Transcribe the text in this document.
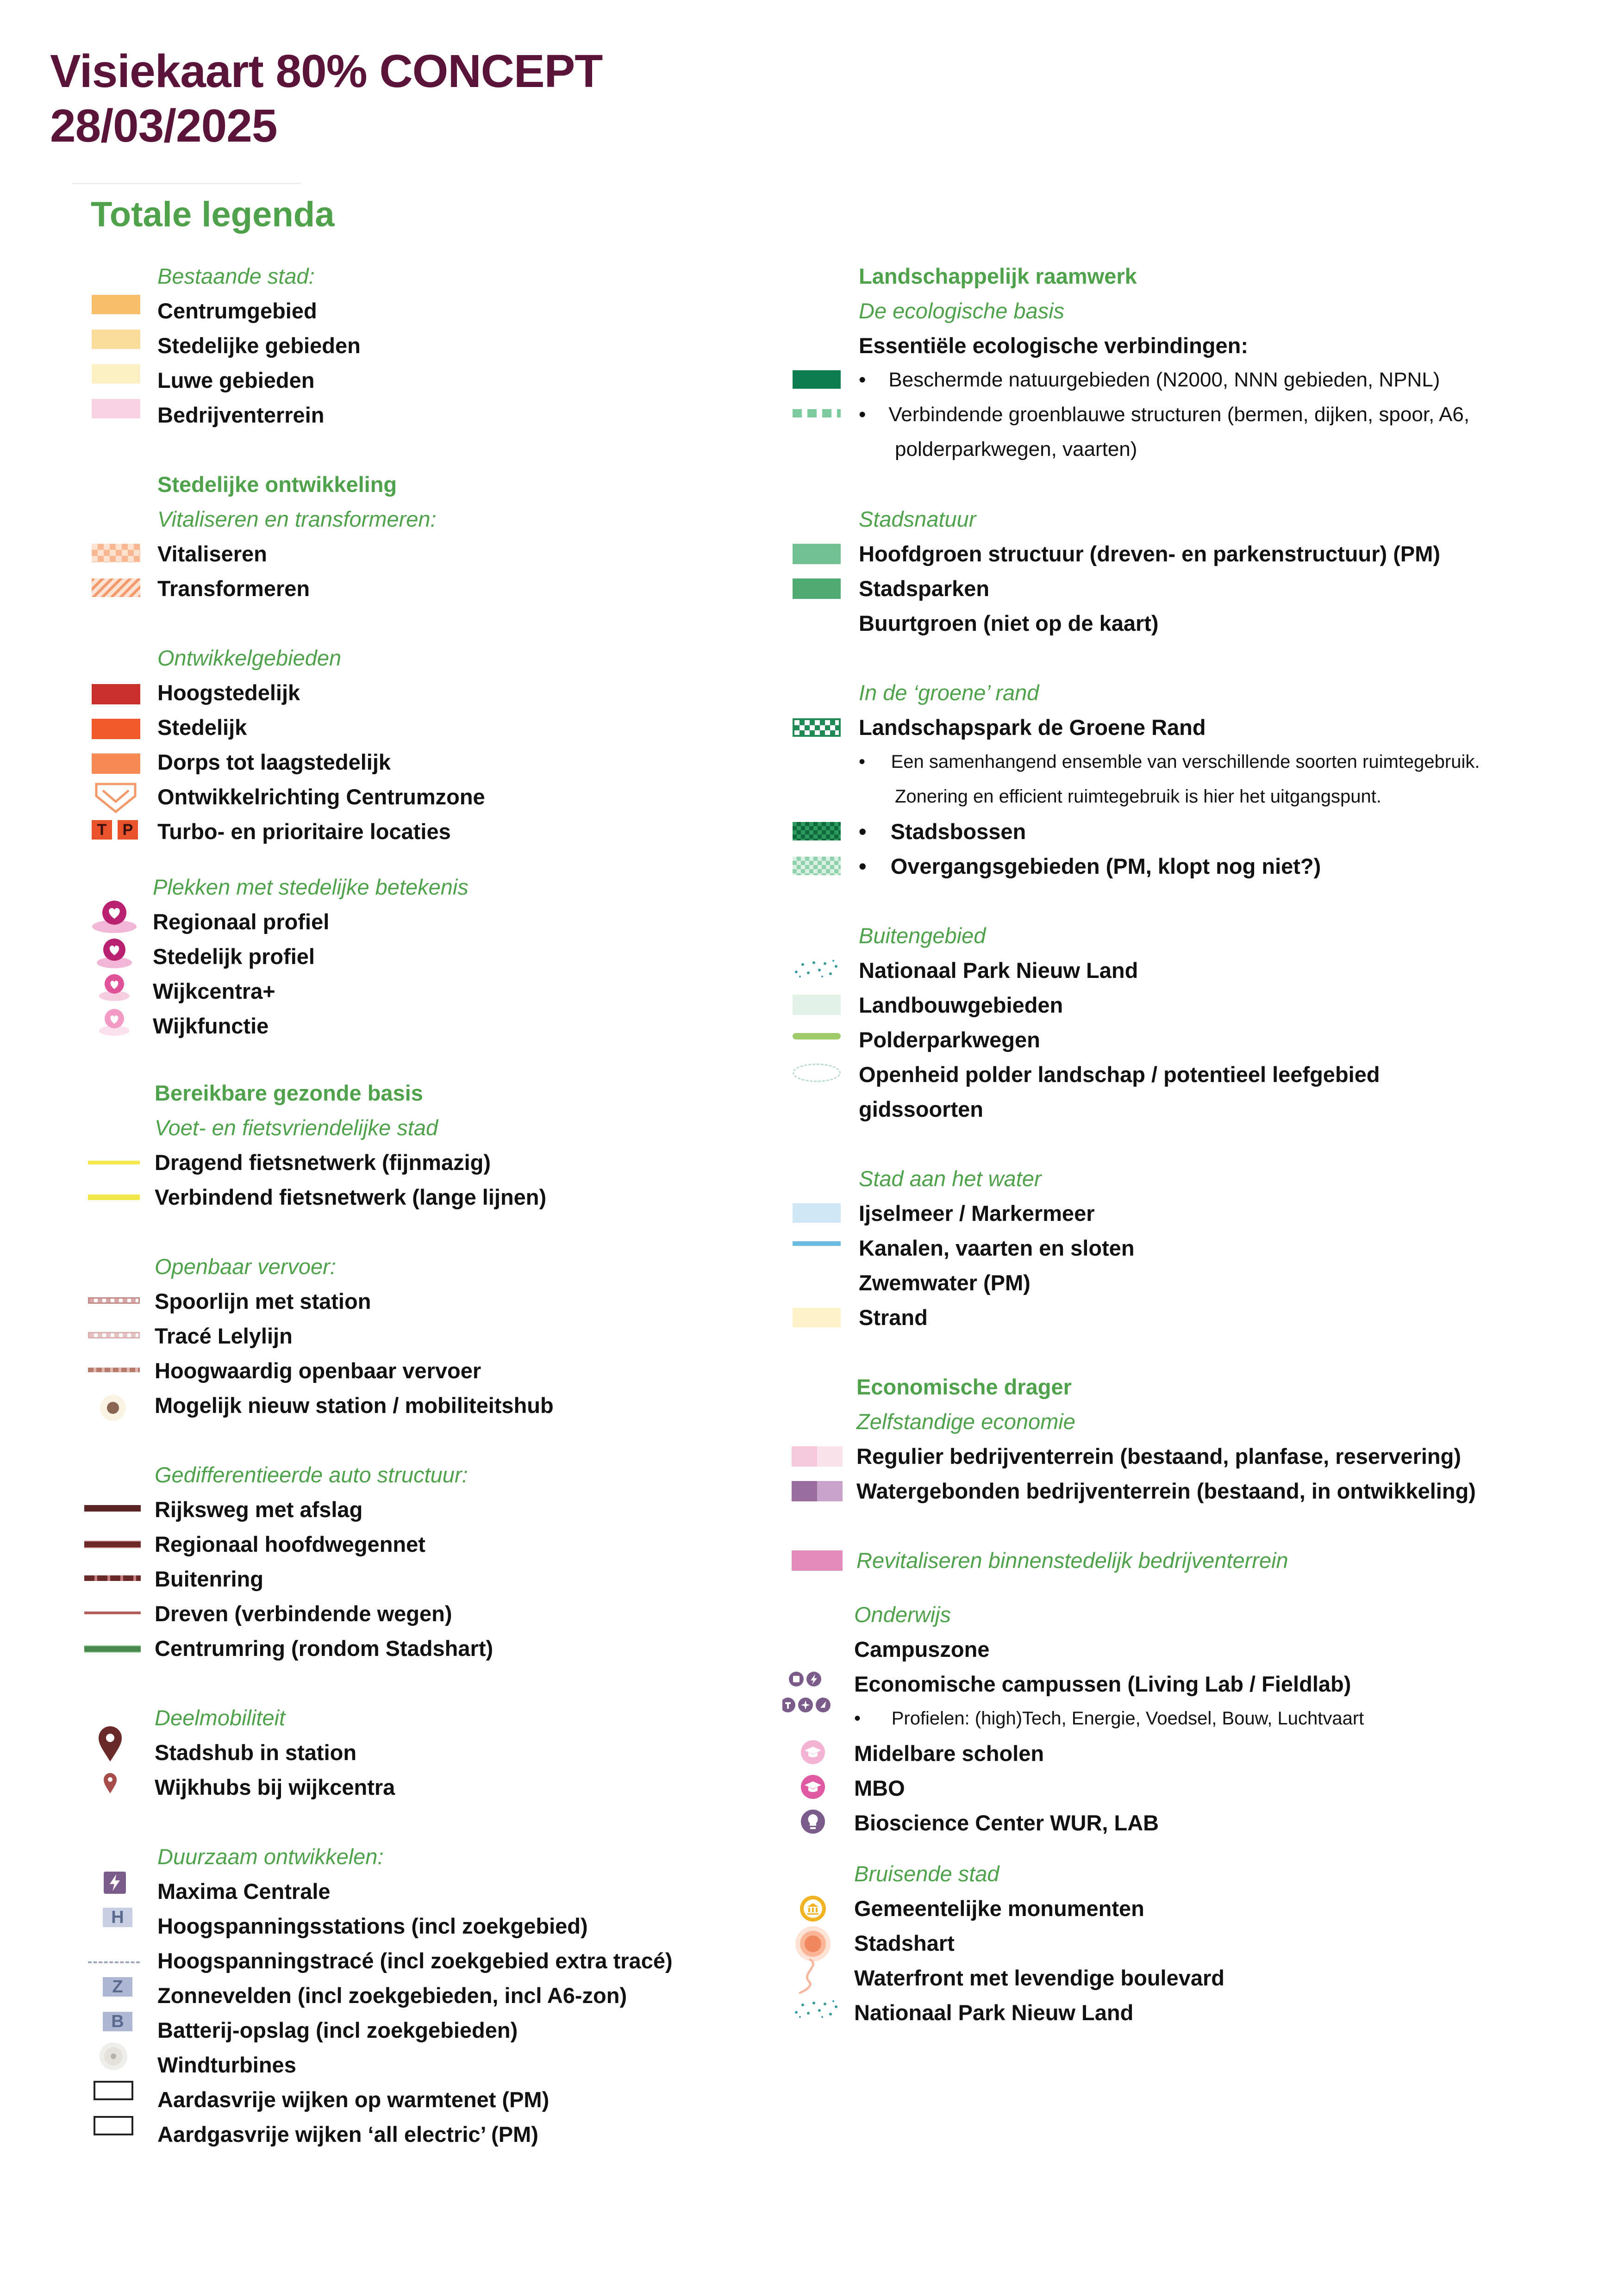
Visiekaart 80% CONCEPT
28/03/2025
Totale legenda
Bestaande stad:
Centrumgebied
Stedelijke gebieden
Luwe gebieden
Bedrijventerrein
Stedelijke ontwikkeling
Vitaliseren en transformeren:
Vitaliseren
Transformeren
Ontwikkelgebieden
Hoogstedelijk
Stedelijk
Dorps tot laagstedelijk
Ontwikkelrichting Centrumzone
T	P Turbo- en prioritaire locaties
Plekken met stedelijke betekenis
Regionaal profiel
Stedelijk profiel
Wijkcentra+
Wijkfunctie
Bereikbare gezonde basis
Voet- en fietsvriendelijke stad
Dragend fietsnetwerk (fijnmazig)
Verbindend fietsnetwerk (lange lijnen)
Openbaar vervoer:
Spoorlijn met station
Tracé Lelylijn
Hoogwaardig openbaar vervoer
Mogelijk nieuw station / mobiliteitshub
Gedifferentieerde auto structuur:
Rijksweg met afslag
Regionaal hoofdwegennet
Buitenring
Dreven (verbindende wegen)
Centrumring (rondom Stadshart)
Deelmobiliteit
Stadshub in station
Wijkhubs bij wijkcentra
Duurzaam ontwikkelen:
Maxima Centrale
H	Hoogspanningsstations (incl zoekgebied)
Hoogspanningstracé (incl zoekgebied extra tracé)
Z	Zonnevelden (incl zoekgebieden, incl A6-zon)
B	Batterij-opslag (incl zoekgebieden)
Windturbines
Aardasvrije wijken op warmtenet (PM)
Aardgasvrije wijken ‘all electric’ (PM)
Landschappelijk raamwerk
De ecologische basis
Essentiële ecologische verbindingen:
• Beschermde natuurgebieden (N2000, NNN gebieden, NPNL)
• Verbindende groenblauwe structuren (bermen, dijken, spoor, A6,
polderparkwegen, vaarten)
Stadsnatuur
Hoofdgroen structuur (dreven- en parkenstructuur) (PM)
Stadsparken
Buurtgroen (niet op de kaart)
In de ‘groene’ rand
Landschapspark de Groene Rand
• Een samenhangend ensemble van verschillende soorten ruimtegebruik.
Zonering en efficient ruimtegebruik is hier het uitgangspunt.
• Stadsbossen
• Overgangsgebieden (PM, klopt nog niet?)
Buitengebied
Nationaal Park Nieuw Land
Landbouwgebieden
Polderparkwegen
Openheid polder landschap / potentieel leefgebied
gidssoorten
Stad aan het water
Ijselmeer / Markermeer
Kanalen, vaarten en sloten
Zwemwater (PM)
Strand
Economische drager
Zelfstandige economie
Regulier bedrijventerrein (bestaand, planfase, reservering)
Watergebonden bedrijventerrein (bestaand, in ontwikkeling)
Revitaliseren binnenstedelijk bedrijventerrein
Onderwijs
Campuszone
Economische campussen (Living Lab / Fieldlab)
• Profielen: (high)Tech, Energie, Voedsel, Bouw, Luchtvaart
Midelbare scholen
MBO
Bioscience Center WUR, LAB
Bruisende stad
Gemeentelijke monumenten
Stadshart
Waterfront met levendige boulevard
Nationaal Park Nieuw Land
